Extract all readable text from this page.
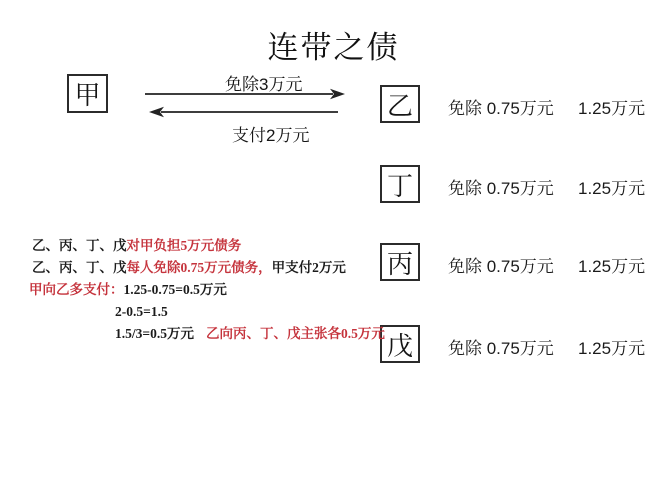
连带之债
甲	免除3万元
支付2万元
乙 免除 0.75万元 1.25万元
丁 免除 0.75万元 1.25万元
丙 免除 0.75万元 1.25万元
戊 免除 0.75万元 1.25万元
乙、丙、丁、戊对甲负担5万元债务
乙、丙、丁、戊每人免除0.75万元债务，甲支付2万元
甲向乙多支付：1.25-0.75=0.5万元
2-0.5=1.5
1.5/3=0.5万元 乙向丙、丁、戊主张各0.5万元
